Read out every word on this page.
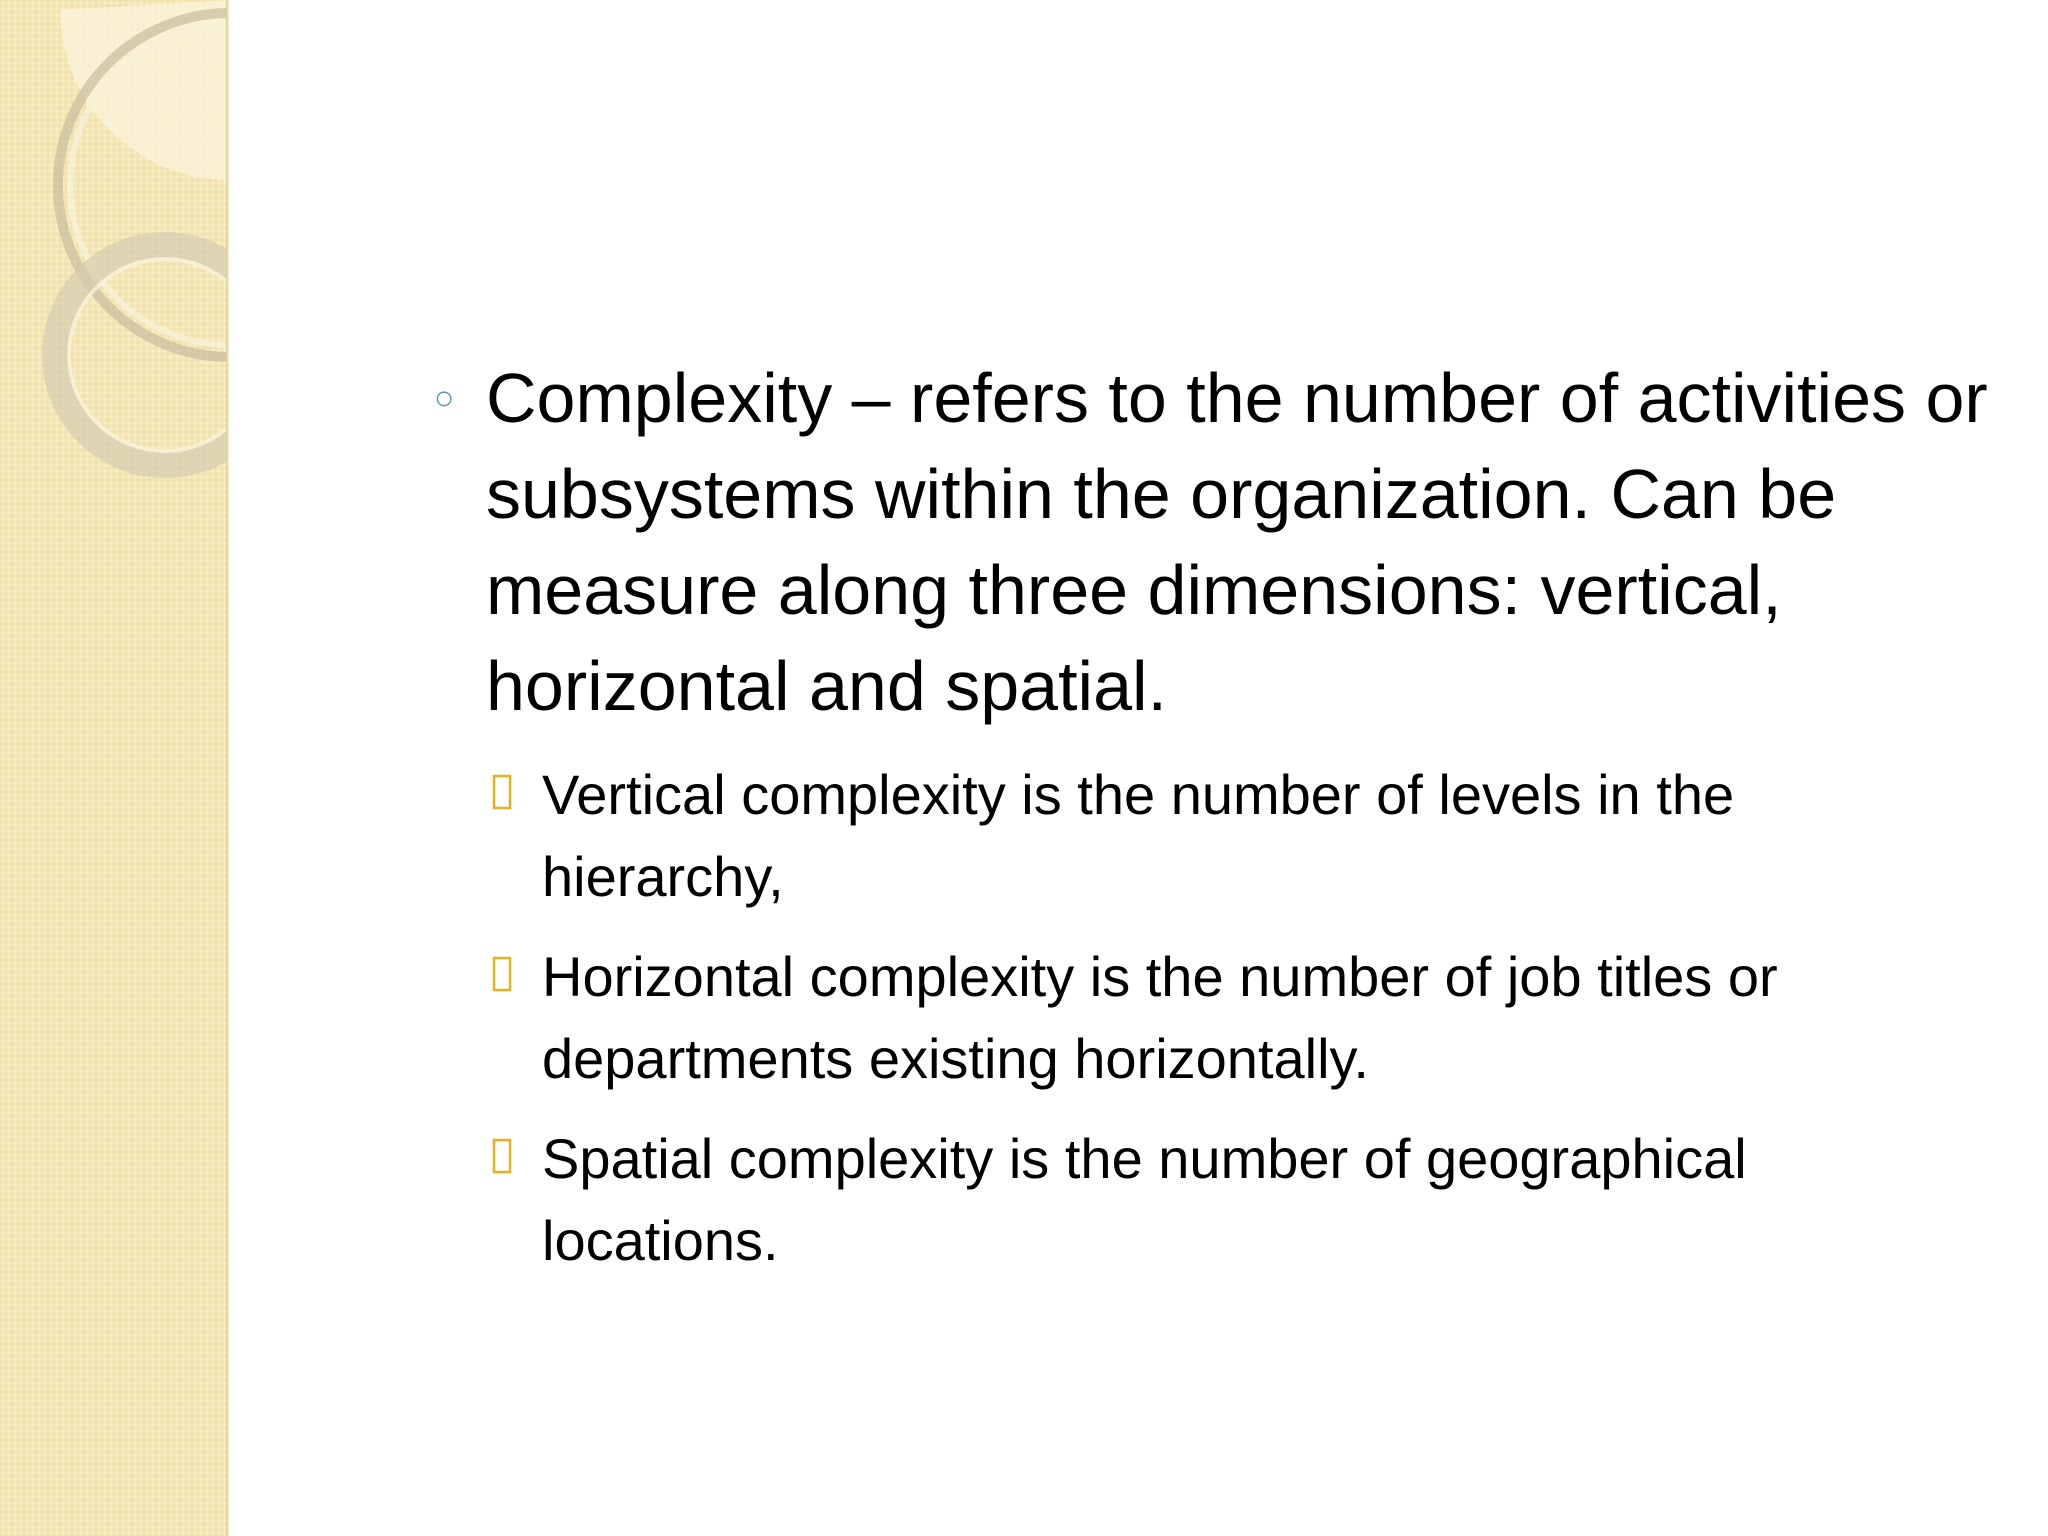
○ Complexity – refers to the number of activities or subsystems within the organization. Can be measure along three dimensions: vertical, horizontal and spatial.
Vertical complexity is the number of levels in the hierarchy,
Horizontal complexity is the number of job titles or departments existing horizontally.
Spatial complexity is the number of geographical locations.
